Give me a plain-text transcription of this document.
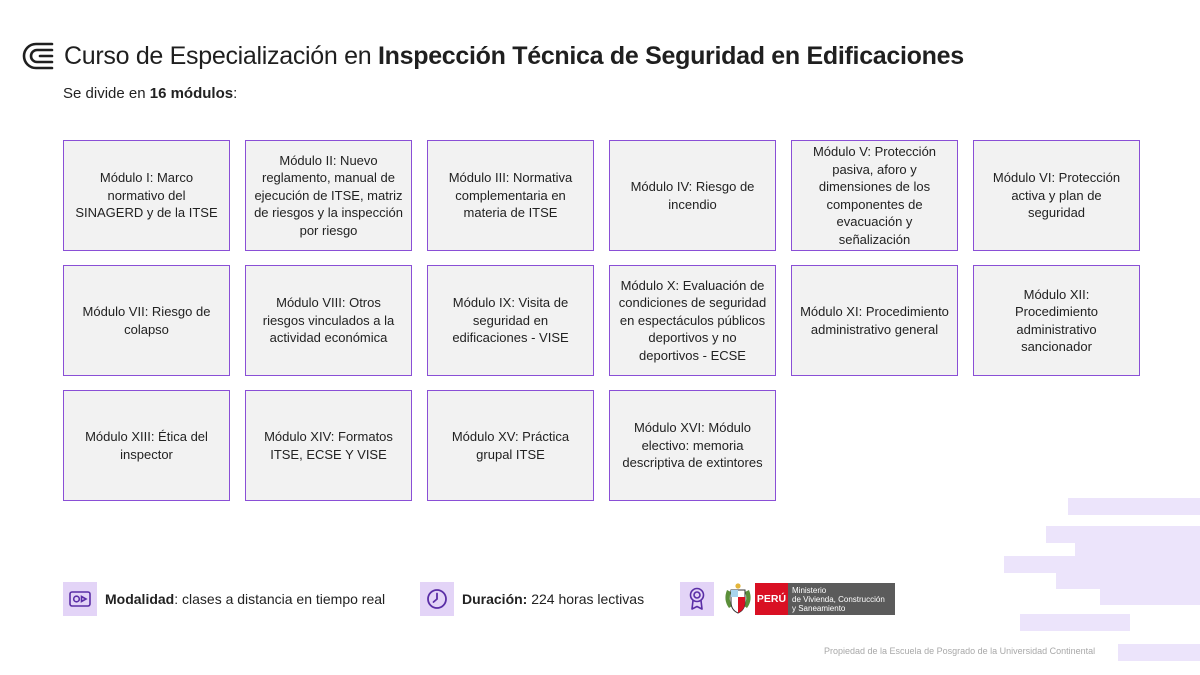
Curso de Especialización en Inspección Técnica de Seguridad en Edificaciones
Se divide en 16 módulos:
Módulo I: Marco normativo del SINAGERD y de la ITSE
Módulo II: Nuevo reglamento, manual de ejecución de ITSE, matriz de riesgos y la inspección por riesgo
Módulo III: Normativa complementaria en materia de ITSE
Módulo IV: Riesgo de incendio
Módulo V: Protección pasiva, aforo y dimensiones de los componentes de evacuación y señalización
Módulo VI: Protección activa y plan de seguridad
Módulo VII: Riesgo de colapso
Módulo VIII: Otros riesgos vinculados a la actividad económica
Módulo IX: Visita de seguridad en edificaciones - VISE
Módulo X: Evaluación de condiciones de seguridad en espectáculos públicos deportivos y no deportivos - ECSE
Módulo XI: Procedimiento administrativo general
Módulo XII: Procedimiento administrativo sancionador
Módulo XIII: Ética del inspector
Módulo XIV: Formatos ITSE, ECSE Y VISE
Módulo XV: Práctica grupal ITSE
Módulo XVI: Módulo electivo: memoria descriptiva de extintores
Modalidad: clases a distancia en tiempo real	Duración: 224 horas lectivas	PERÚ
Ministerio
de Vivienda, Construcción
y Saneamiento
Propiedad de la Escuela de Posgrado de la Universidad Continental
